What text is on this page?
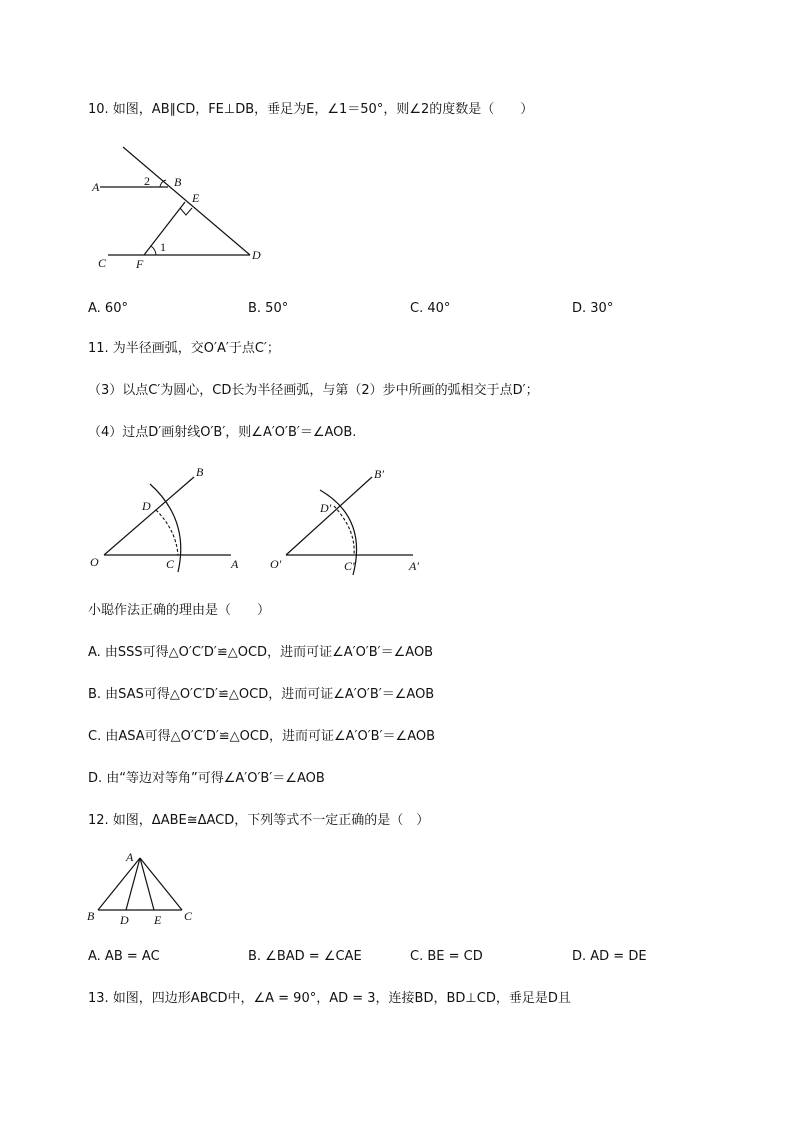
10. 如图，AB∥CD，FE⊥DB，垂足为E，∠1＝50°，则∠2的度数是（　　）
A	B
E
D
C F
2
1
A. 60°	B. 50°	C. 40°	D. 30°
11. 为半径画弧，交O′A′于点C′；
（3）以点C′为圆心，CD长为半径画弧，与第（2）步中所画的弧相交于点D′；
（4）过点D′画射线O′B′，则∠A′O′B′＝∠AOB.
O	A
B
D
C	O′	A′
B′
D′
C′
小聪作法正确的理由是（　　）
A. 由SSS可得△O′C′D′≌△OCD，进而可证∠A′O′B′＝∠AOB
B. 由SAS可得△O′C′D′≌△OCD，进而可证∠A′O′B′＝∠AOB
C. 由ASA可得△O′C′D′≌△OCD，进而可证∠A′O′B′＝∠AOB
D. 由“等边对等角”可得∠A′O′B′＝∠AOB
12. 如图，ΔABE≅ΔACD，下列等式不一定正确的是（　）
A
B D E C
A. AB = AC	B. ∠BAD = ∠CAE	C. BE = CD	D. AD = DE
13. 如图，四边形ABCD中，∠A = 90°，AD = 3，连接BD，BD⊥CD，垂足是D且
